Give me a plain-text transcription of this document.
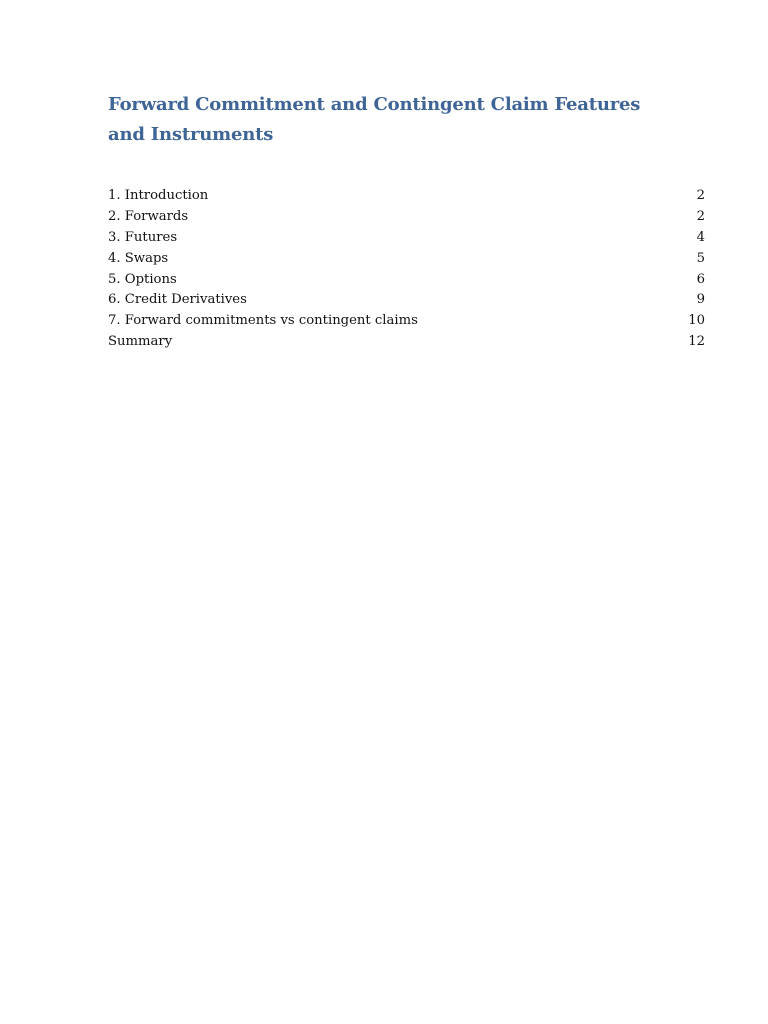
Forward Commitment and Contingent Claim Features and Instruments
1. Introduction	2
2. Forwards	2
3. Futures	4
4. Swaps	5
5. Options	6
6. Credit Derivatives	9
7. Forward commitments vs contingent claims	10
Summary	12
